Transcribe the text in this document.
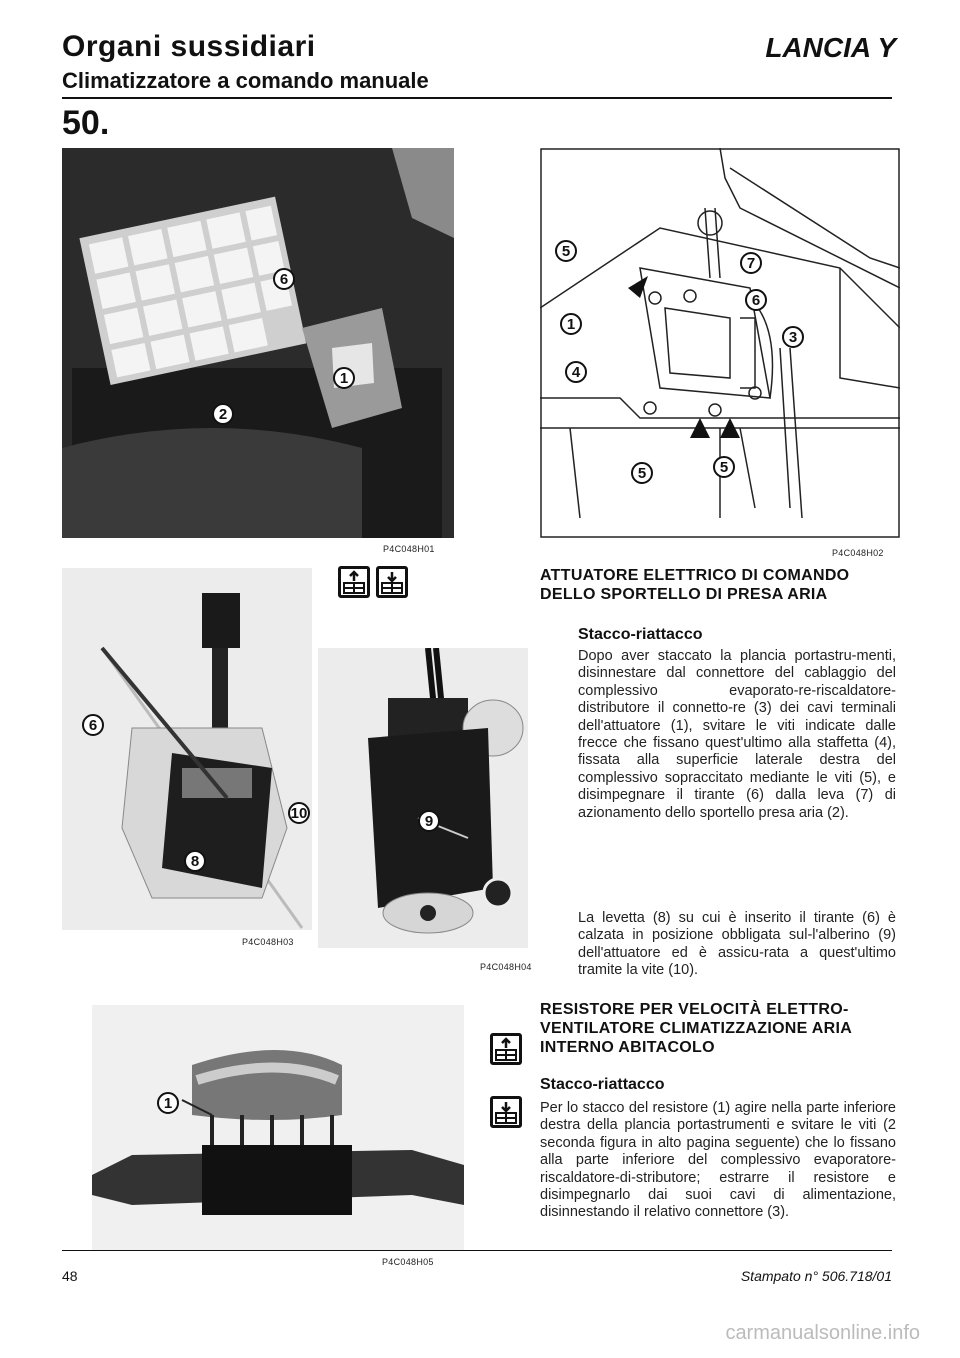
Organi sussidiari
Climatizzatore a comando manuale
LANCIA Y
50.
6
1
2
P4C048H01
5
7
6
1
3
4
5	5
P4C048H02
6
10
8
P4C048H03
9
P4C048H04
ATTUATORE ELETTRICO DI COMANDO
DELLO SPORTELLO DI PRESA ARIA
Stacco-riattacco
Dopo aver staccato la plancia portastru-menti, disinnestare dal connettore del cablaggio del complessivo evaporato-re-riscaldatore-distributore il connetto-re (3) dei cavi terminali dell'attuatore (1), svitare le viti indicate dalle frecce che fissano quest'ultimo alla staffetta (4), fissata alla superficie laterale destra del complessivo sopraccitato mediante le viti (5), e disimpegnare il tirante (6) dalla leva (7) di azionamento dello sportello presa aria (2).
La levetta (8) su cui è inserito il tirante (6) è calzata in posizione obbligata sul-l'alberino (9) dell'attuatore ed è assicu-rata a quest'ultimo tramite la vite (10).
1
P4C048H05
RESISTORE PER VELOCITÀ ELETTRO-
VENTILATORE CLIMATIZZAZIONE ARIA
INTERNO ABITACOLO
Stacco-riattacco
Per lo stacco del resistore (1) agire nella parte inferiore destra della plancia portastrumenti e svitare le viti (2 seconda figura in alto pagina seguente) che lo fissano alla parte inferiore del complessivo evaporatore-riscaldatore-di-stributore; estrarre il resistore e disimpegnarlo dai suoi cavi di alimentazione, disinnestando il relativo connettore (3).
48	Stampato n° 506.718/01
carmanualsonline.info
